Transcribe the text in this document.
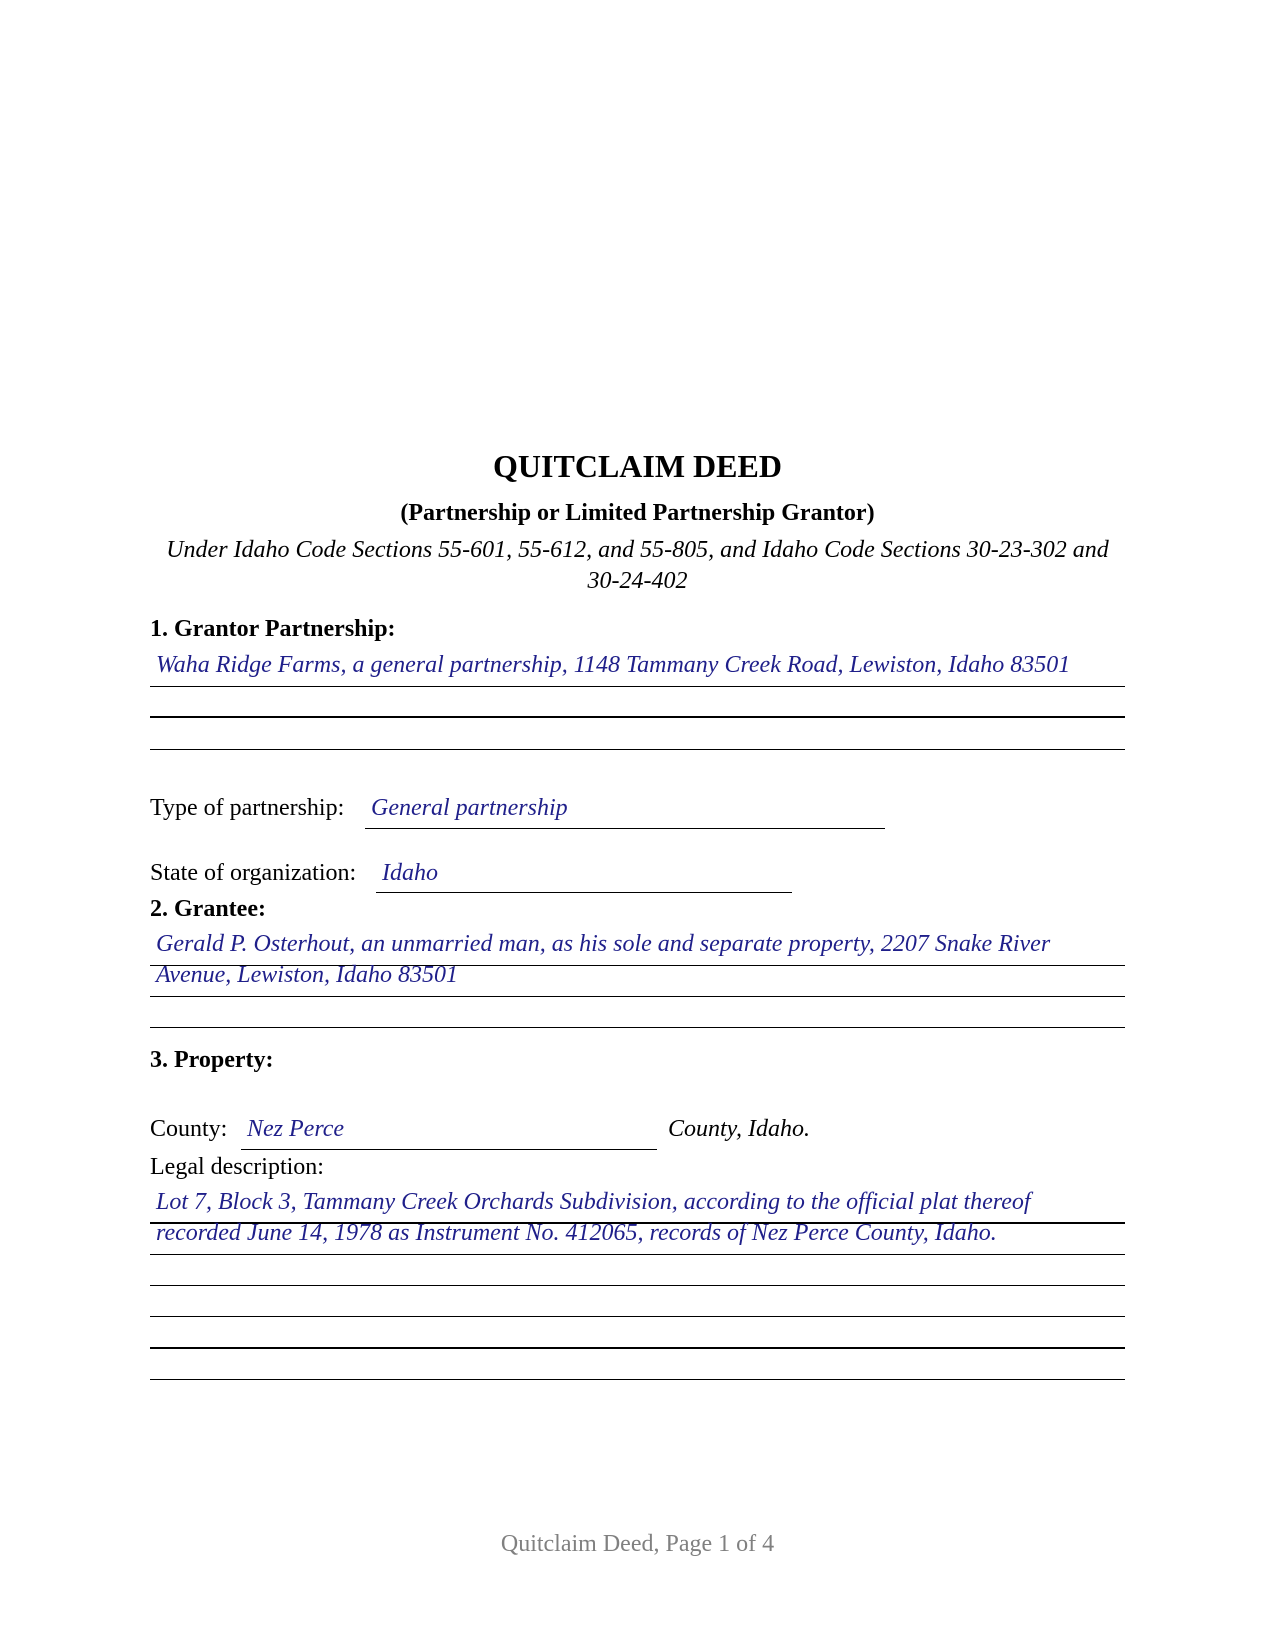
QUITCLAIM DEED
(Partnership or Limited Partnership Grantor)
Under Idaho Code Sections 55-601, 55-612, and 55-805, and Idaho Code Sections 30-23-302 and 30-24-402
1. Grantor Partnership:
Waha Ridge Farms, a general partnership, 1148 Tammany Creek Road, Lewiston, Idaho 83501
Type of partnership: General partnership
State of organization: Idaho
2. Grantee:
Gerald P. Osterhout, an unmarried man, as his sole and separate property, 2207 Snake River
Avenue, Lewiston, Idaho 83501
3. Property:
County: Nez Perce	County, Idaho.
Legal description:
Lot 7, Block 3, Tammany Creek Orchards Subdivision, according to the official plat thereof
recorded June 14, 1978 as Instrument No. 412065, records of Nez Perce County, Idaho.
Quitclaim Deed, Page 1 of 4
